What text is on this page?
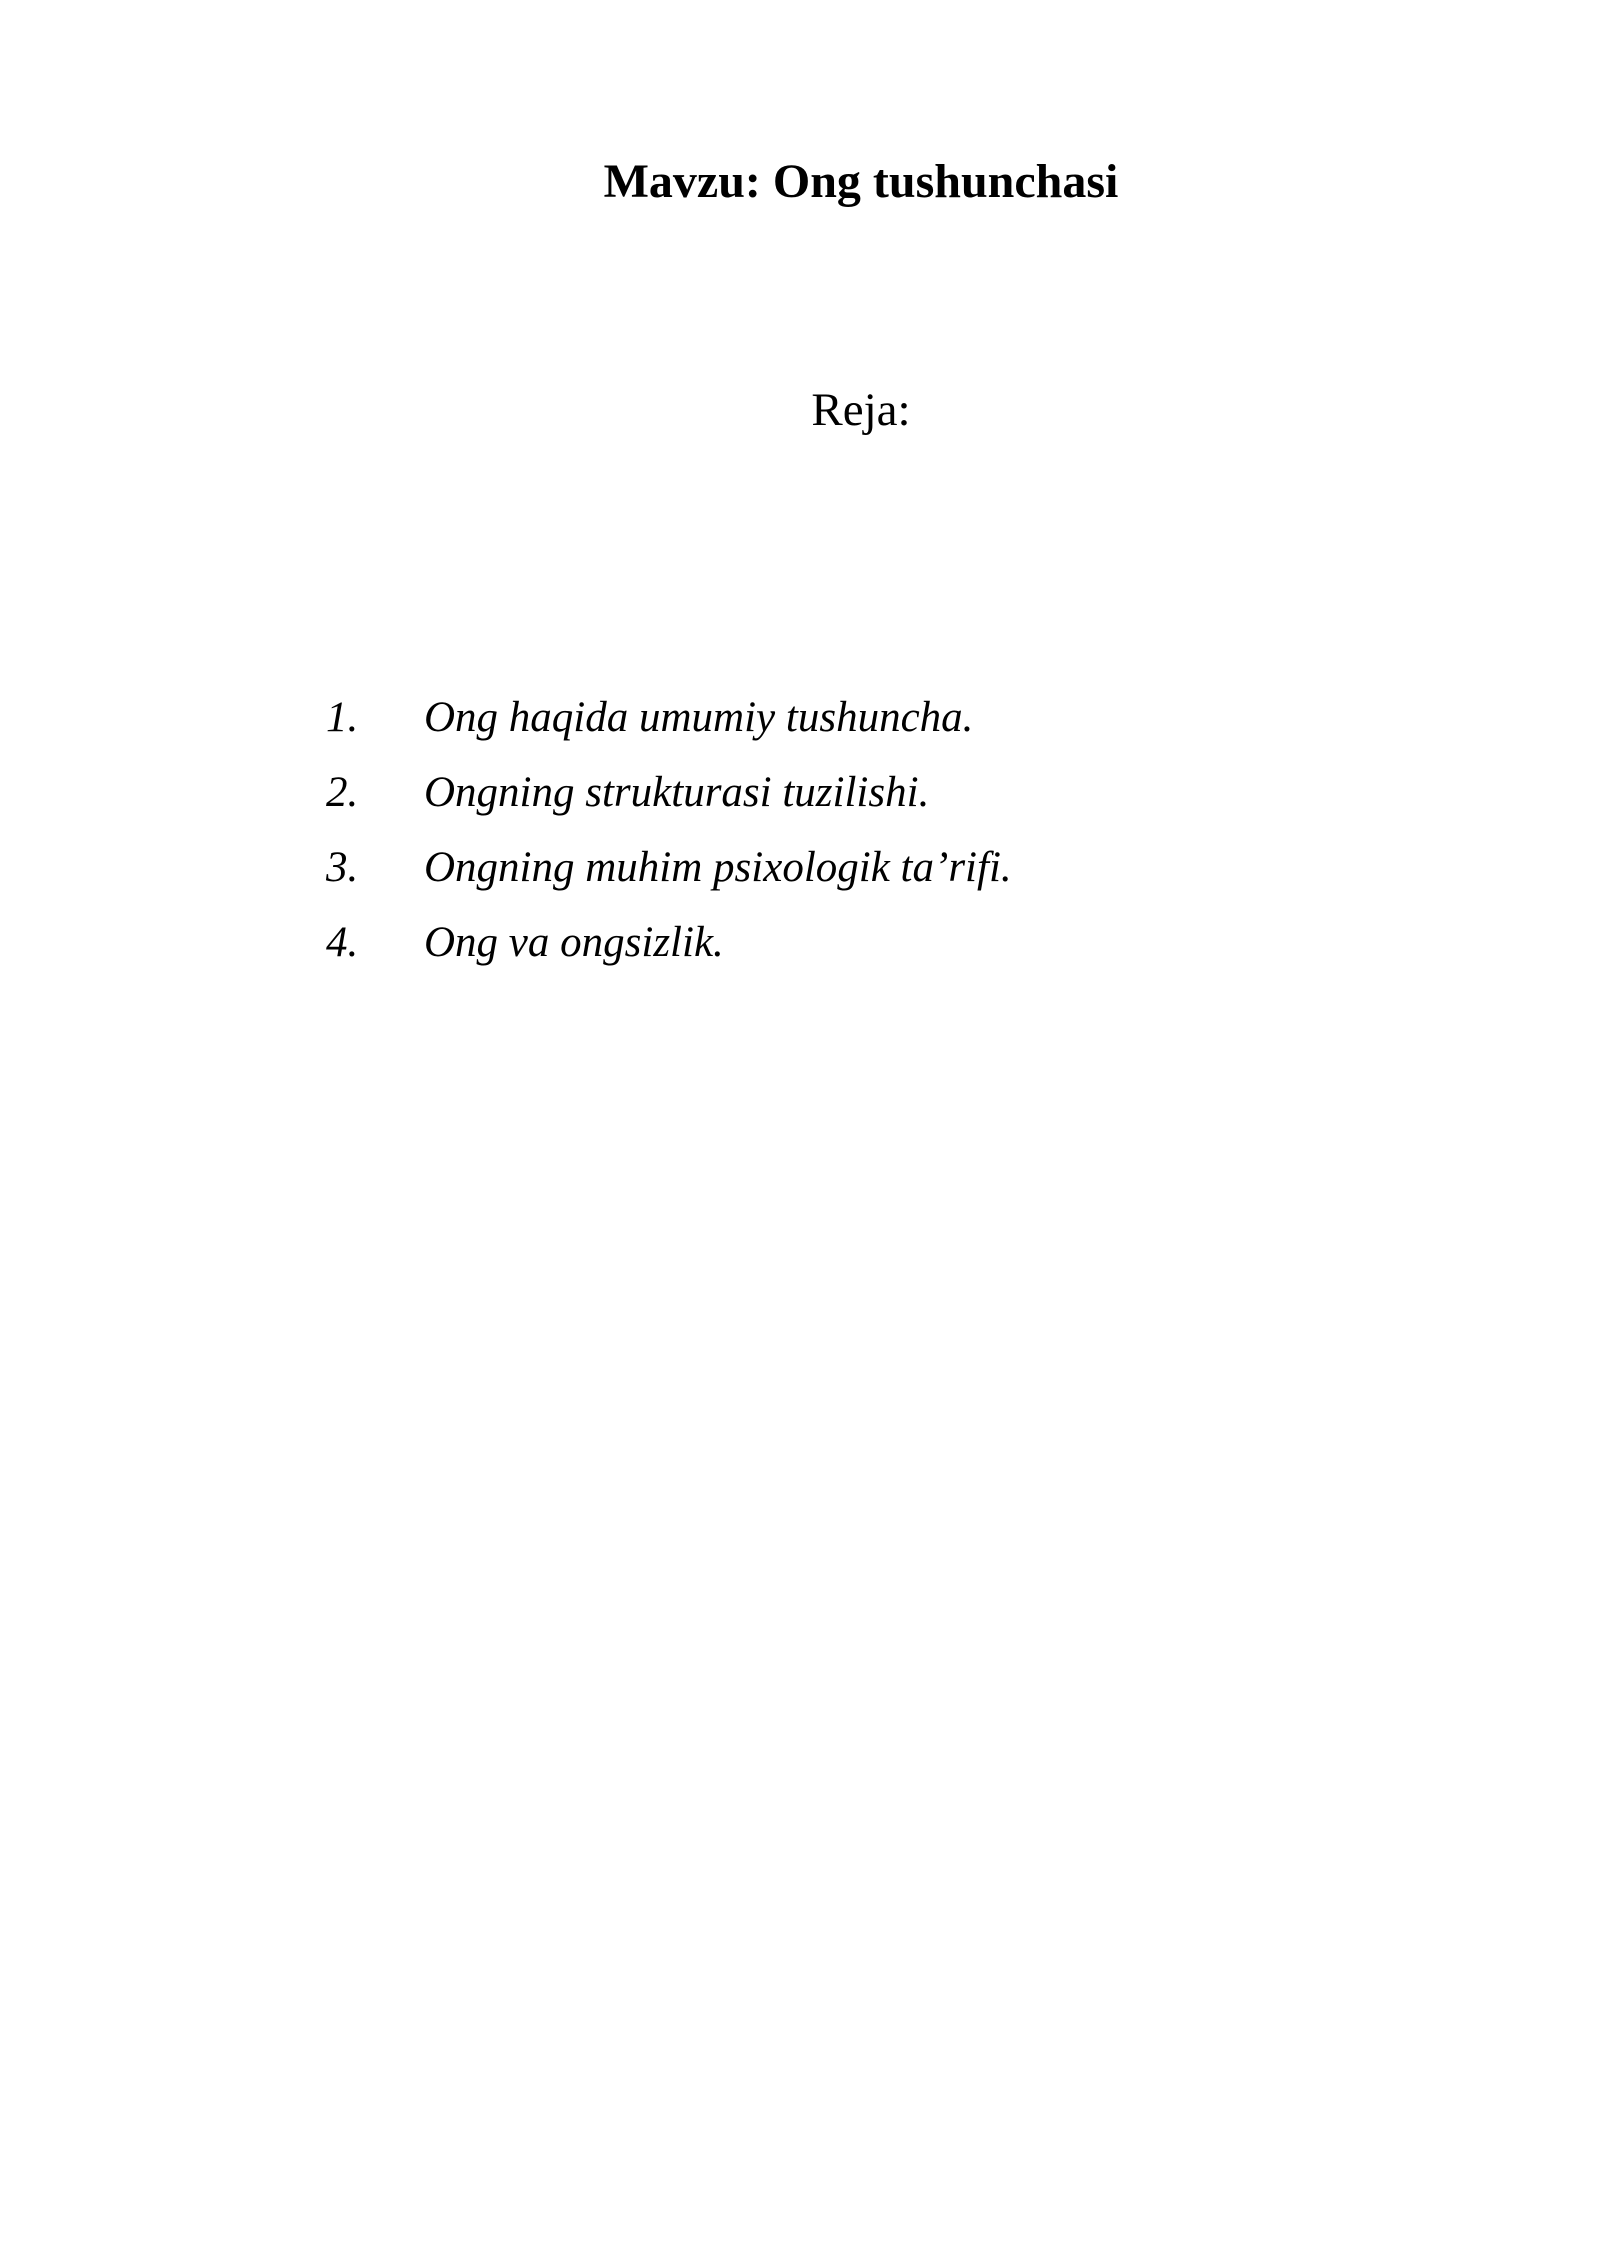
Mavzu: Ong tushunchasi
Reja:
1. Ong haqida umumiy tushuncha.
2. Ongning strukturasi tuzilishi.
3. Ongning muhim psixologik ta’rifi.
4. Ong va ongsizlik.
